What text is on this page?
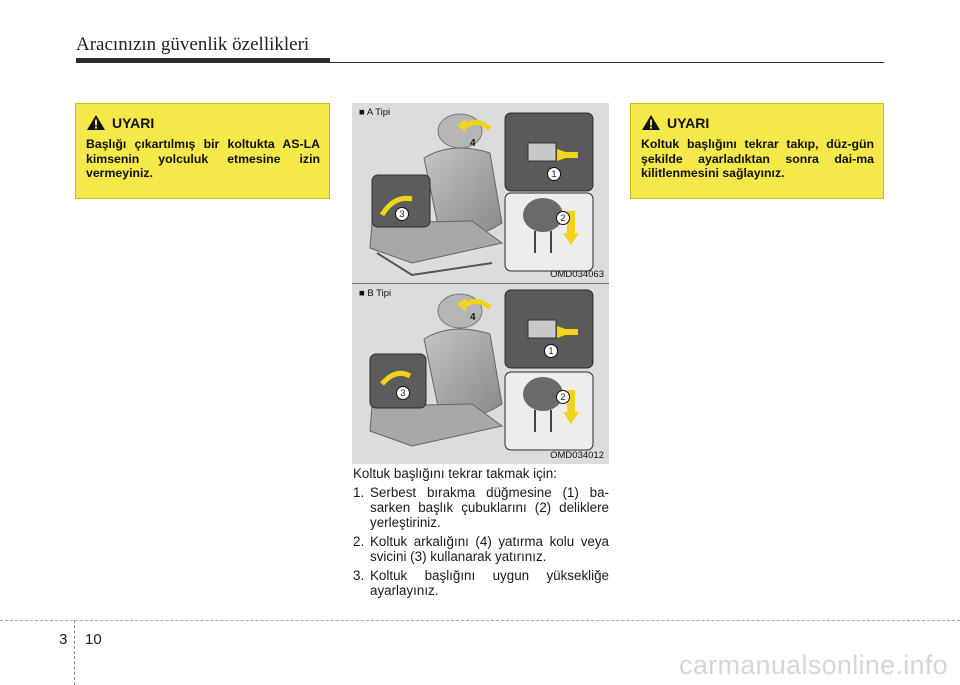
Aracınızın güvenlik özellikleri
UYARI
Başlığı çıkartılmış bir koltukta AS-LA kimsenin yolculuk etmesine izin vermeyiniz.
UYARI
Koltuk başlığını tekrar takıp, düz-gün şekilde ayarladıktan sonra dai-ma kilitlenmesini sağlayınız.
■ A Tipi
4
1
2
3
OMD034063
■ B Tipi
4
1
2
3
OMD034012

Koltuk başlığını tekrar takmak için:

1. Serbest bırakma düğmesine (1) ba-sarken başlık çubuklarını (2) deliklere yerleştiriniz.
2. Koltuk arkalığını (4) yatırma kolu veya svicini (3) kullanarak yatırınız.
3. Koltuk başlığını uygun yüksekliğe ayarlayınız.
3 10
carmanualsonline.info
